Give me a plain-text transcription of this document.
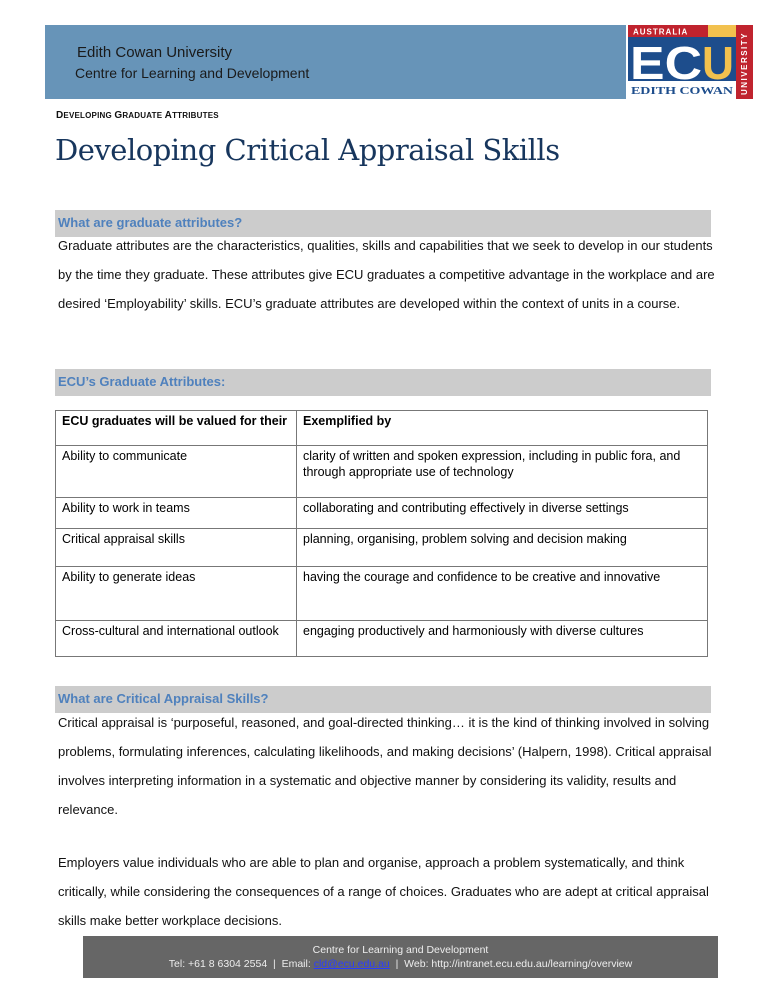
Edith Cowan University
Centre for Learning and Development
AUSTRALIA
EC U
EDITH COWAN UNIVERSITY
DEVELOPING GRADUATE ATTRIBUTES
Developing Critical Appraisal Skills
What are graduate attributes?
Graduate attributes are the characteristics, qualities, skills and capabilities that we seek to develop in our students by the time they graduate. These attributes give ECU graduates a competitive advantage in the workplace and are desired ‘Employability’ skills. ECU’s graduate attributes are developed within the context of units in a course.
ECU’s Graduate Attributes:
ECU graduates will be valued for their	Exemplified by
Ability to communicate	clarity of written and spoken expression, including in public fora, and through appropriate use of technology
Ability to work in teams	collaborating and contributing effectively in diverse settings
Critical appraisal skills	planning, organising, problem solving and decision making
Ability to generate ideas	having the courage and confidence to be creative and innovative
Cross-cultural and international outlook	engaging productively and harmoniously with diverse cultures
What are Critical Appraisal Skills?
Critical appraisal is ‘purposeful, reasoned, and goal-directed thinking… it is the kind of thinking involved in solving problems, formulating inferences, calculating likelihoods, and making decisions’ (Halpern, 1998). Critical appraisal involves interpreting information in a systematic and objective manner by considering its validity, results and relevance.
Employers value individuals who are able to plan and organise, approach a problem systematically, and think critically, while considering the consequences of a range of choices. Graduates who are adept at critical appraisal skills make better workplace decisions.
Centre for Learning and Development
Tel: +61 8 6304 2554 | Email: cld@ecu.edu.au | Web: http://intranet.ecu.edu.au/learning/overview
